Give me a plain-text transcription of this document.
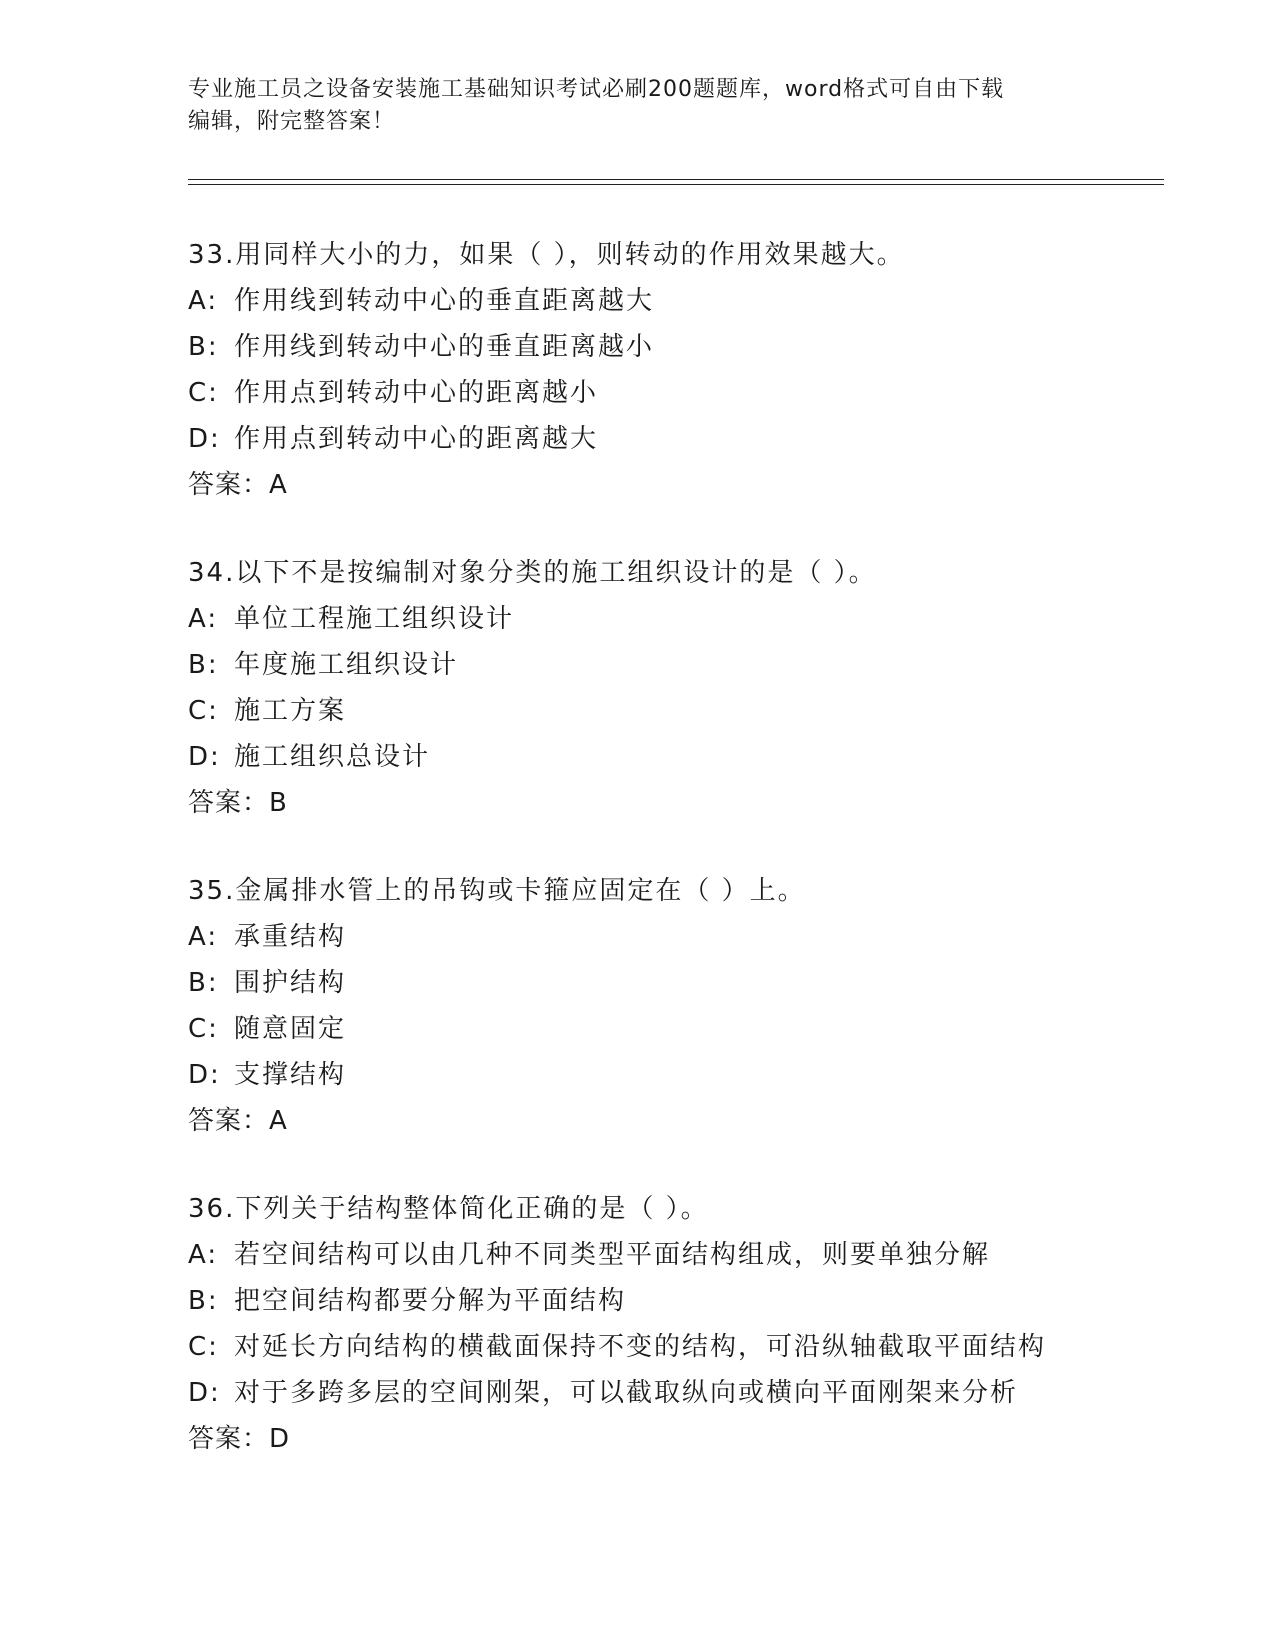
专业施工员之设备安装施工基础知识考试必刷200题题库，word格式可自由下载
编辑，附完整答案！
33.用同样大小的力，如果（ ），则转动的作用效果越大。
A: 作用线到转动中心的垂直距离越大
B: 作用线到转动中心的垂直距离越小
C: 作用点到转动中心的距离越小
D: 作用点到转动中心的距离越大
答案：A
34.以下不是按编制对象分类的施工组织设计的是（ ）。
A: 单位工程施工组织设计
B: 年度施工组织设计
C: 施工方案
D: 施工组织总设计
答案：B
35.金属排水管上的吊钩或卡箍应固定在（ ）上。
A: 承重结构
B: 围护结构
C: 随意固定
D: 支撑结构
答案：A
36.下列关于结构整体简化正确的是（ ）。
A: 若空间结构可以由几种不同类型平面结构组成，则要单独分解
B: 把空间结构都要分解为平面结构
C: 对延长方向结构的横截面保持不变的结构，可沿纵轴截取平面结构
D: 对于多跨多层的空间刚架，可以截取纵向或横向平面刚架来分析
答案：D
